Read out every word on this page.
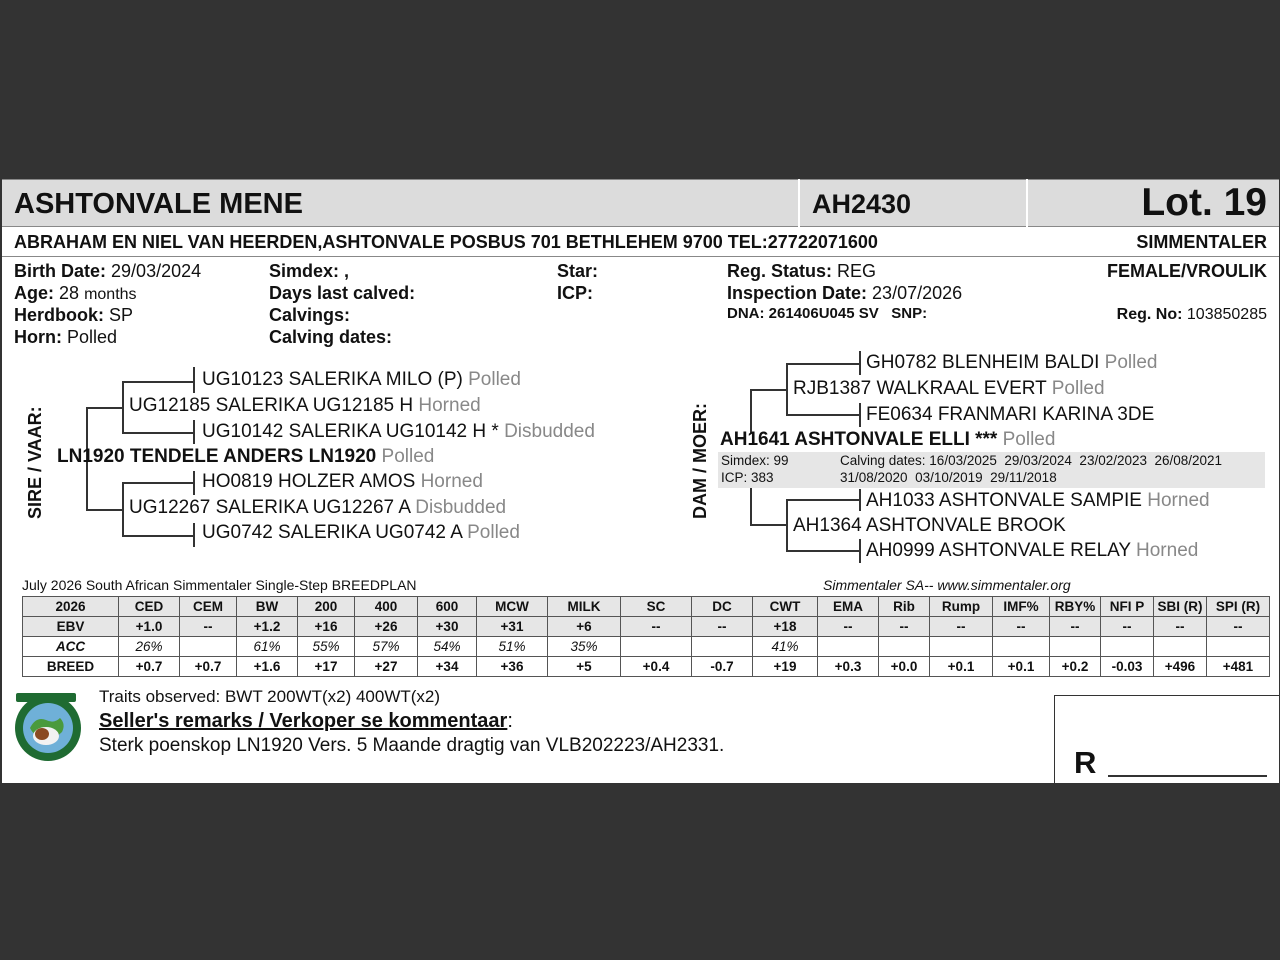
ASHTONVALE MENE	AH2430	Lot. 19
ABRAHAM EN NIEL VAN HEERDEN,ASHTONVALE POSBUS 701 BETHLEHEM 9700 TEL:27722071600	SIMMENTALER
Birth Date: 29/03/2024
Age: 28 months
Herdbook: SP
Horn: Polled
Simdex: ,
Days last calved:
Calvings:
Calving dates:
Star:
ICP:
Reg. Status: REG
Inspection Date: 23/07/2026
DNA: 261406U045 SV   SNP:
FEMALE/VROULIK
Reg. No: 103850285
SIRE / VAAR:
UG10123 SALERIKA MILO (P) Polled
UG12185 SALERIKA UG12185 H Horned
UG10142 SALERIKA UG10142 H * Disbudded
LN1920 TENDELE ANDERS LN1920 Polled
HO0819 HOLZER AMOS Horned
UG12267 SALERIKA UG12267 A Disbudded
UG0742 SALERIKA UG0742 A Polled
DAM / MOER:
GH0782 BLENHEIM BALDI Polled
RJB1387 WALKRAAL EVERT Polled
FE0634 FRANMARI KARINA 3DE
AH1641 ASHTONVALE ELLI *** Polled
Simdex: 99
ICP: 383
Calving dates: 16/03/2025  29/03/2024  23/02/2023  26/08/2021
31/08/2020  03/10/2019  29/11/2018
AH1033 ASHTONVALE SAMPIE Horned
AH1364 ASHTONVALE BROOK
AH0999 ASHTONVALE RELAY Horned
July 2026 South African Simmentaler Single-Step BREEDPLAN	Simmentaler SA-- www.simmentaler.org
2026	CED	CEM	BW	200	400	600	MCW	MILK	SC	DC	CWT	EMA	Rib	Rump	IMF%	RBY%	NFI P	SBI (R)	SPI (R)
EBV	+1.0	--	+1.2	+16	+26	+30	+31	+6	--	--	+18	--	--	--	--	--	--	--	--
ACC	26%		61%	55%	57%	54%	51%	35%			41%								
BREED	+0.7	+0.7	+1.6	+17	+27	+34	+36	+5	+0.4	-0.7	+19	+0.3	+0.0	+0.1	+0.1	+0.2	-0.03	+496	+481
Traits observed: BWT 200WT(x2) 400WT(x2)
Seller's remarks / Verkoper se kommentaar:
Sterk poenskop LN1920 Vers. 5 Maande dragtig van VLB202223/AH2331.	R
